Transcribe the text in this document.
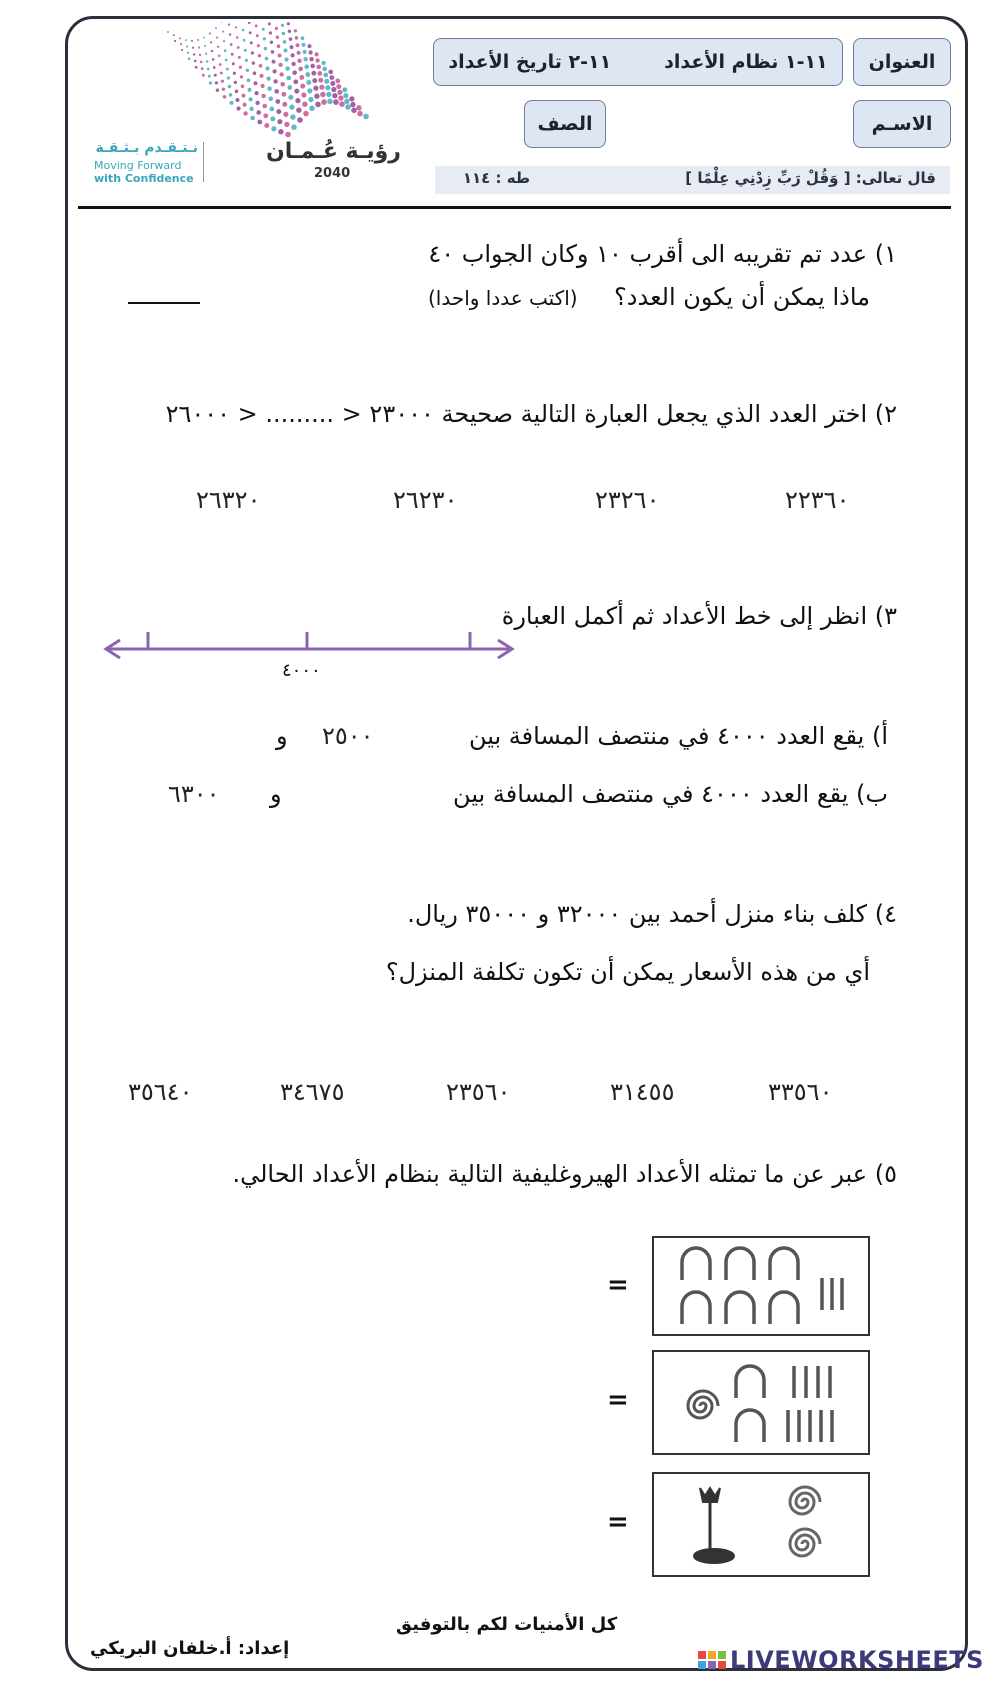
رؤيـة عُـمـان
2040
نـتـقـدم بـثـقـة
Moving Forward
with Confidence
العنوان
١١-١ نظام الأعداد        ١١-٢ تاريخ الأعداد
الاسـم
الصف
قال تعالى: [ وَقُلْ رَبِّ زِدْنِي عِلْمًا ]
طه : ١١٤
١) عدد تم تقريبه الى أقرب ١٠ وكان الجواب ٤٠
ماذا يمكن أن يكون العدد؟
(اكتب عددا واحدا)
٢) اختر العدد الذي يجعل العبارة التالية صحيحة ٢٣٠٠٠ < ......... < ٢٦٠٠٠
٢٢٣٦٠
٢٣٢٦٠
٢٦٢٣٠
٢٦٣٢٠
٣) انظر إلى خط الأعداد ثم أكمل العبارة
٤٠٠٠
أ) يقع العدد ٤٠٠٠ في منتصف المسافة بين
٢٥٠٠
و
ب) يقع العدد ٤٠٠٠ في منتصف المسافة بين
و
٦٣٠٠
٤) كلف بناء منزل أحمد بين ٣٢٠٠٠ و ٣٥٠٠٠ ريال.
أي من هذه الأسعار يمكن أن تكون تكلفة المنزل؟
٣٣٥٦٠
٣١٤٥٥
٢٣٥٦٠
٣٤٦٧٥
٣٥٦٤٠
٥) عبر عن ما تمثله الأعداد الهيروغليفية التالية بنظام الأعداد الحالي.
=
=
=
كل الأمنيات لكم بالتوفيق
إعداد: أ.خلفان البريكي	LIVEWORKSHEETS
